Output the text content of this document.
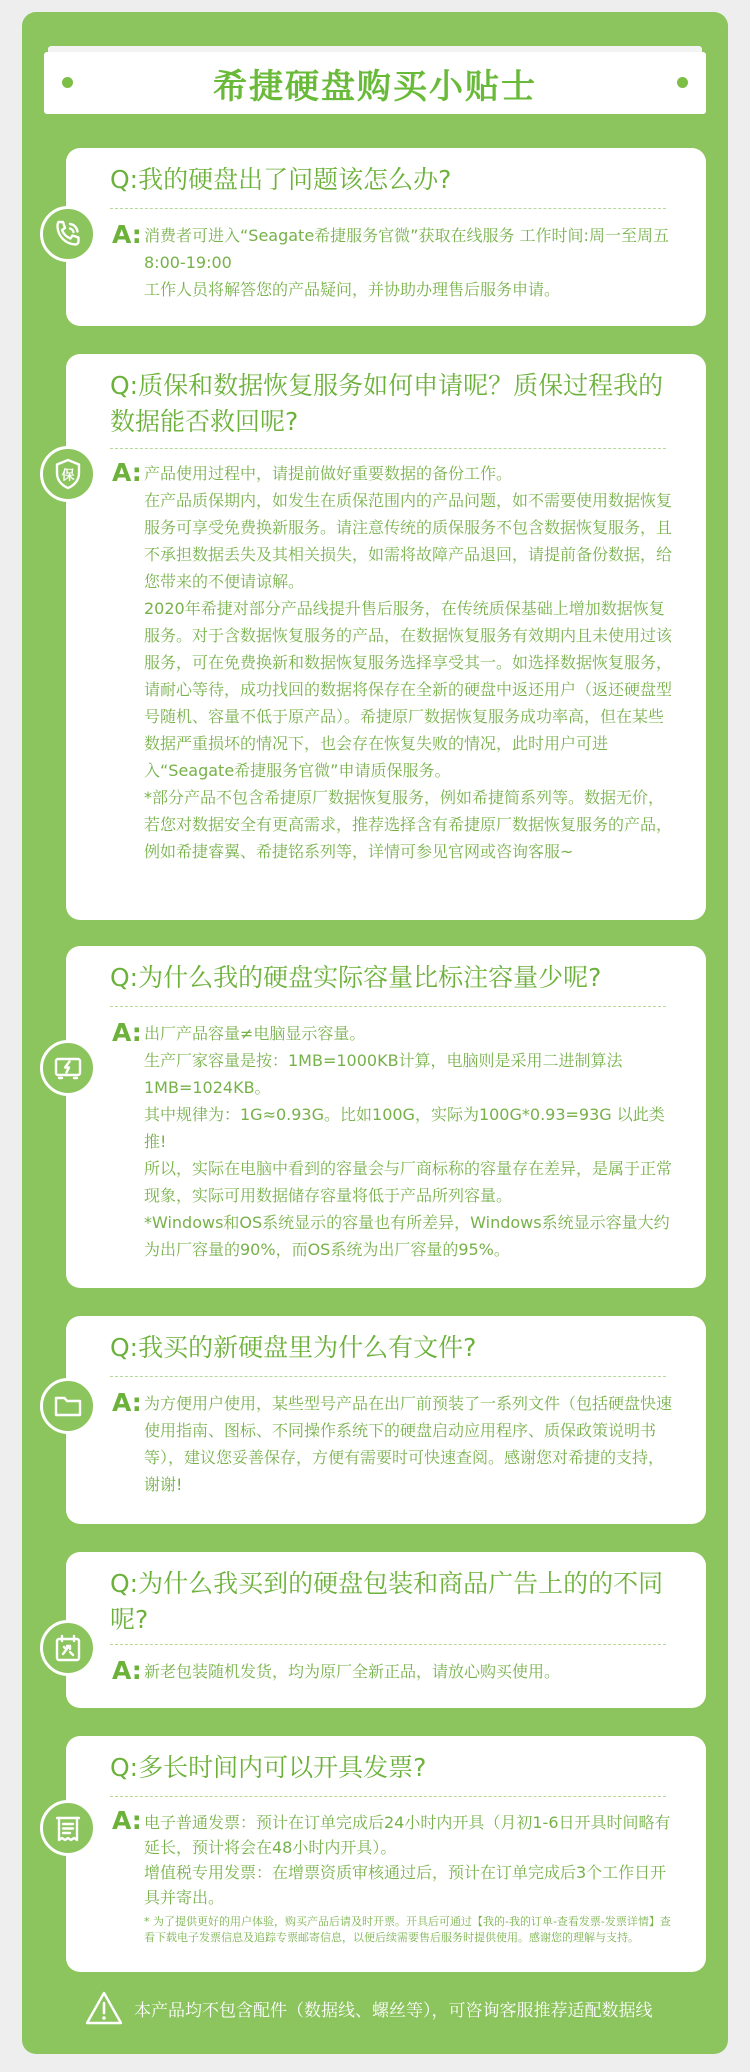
希捷硬盘购买小贴士
Q:我的硬盘出了问题该怎么办?
A: 消费者可进入“Seagate希捷服务官微”获取在线服务 工作时间:周一至周五8:00-19:00

工作人员将解答您的产品疑问，并协助办理售后服务申请。

Q:质保和数据恢复服务如何申请呢？质保过程我的数据能否救回呢?
A: 产品使用过程中，请提前做好重要数据的备份工作。

在产品质保期内，如发生在质保范围内的产品问题，如不需要使用数据恢复服务可享受免费换新服务。请注意传统的质保服务不包含数据恢复服务，且不承担数据丢失及其相关损失，如需将故障产品退回，请提前备份数据，给您带来的不便请谅解。

2020年希捷对部分产品线提升售后服务，在传统质保基础上增加数据恢复服务。对于含数据恢复服务的产品，在数据恢复服务有效期内且未使用过该服务，可在免费换新和数据恢复服务选择享受其一。如选择数据恢复服务，请耐心等待，成功找回的数据将保存在全新的硬盘中返还用户（返还硬盘型号随机、容量不低于原产品）。希捷原厂数据恢复服务成功率高，但在某些数据严重损坏的情况下，也会存在恢复失败的情况，此时用户可进入“Seagate希捷服务官微”申请质保服务。

*部分产品不包含希捷原厂数据恢复服务，例如希捷简系列等。数据无价，若您对数据安全有更高需求，推荐选择含有希捷原厂数据恢复服务的产品，例如希捷睿翼、希捷铭系列等，详情可参见官网或咨询客服~

Q:为什么我的硬盘实际容量比标注容量少呢?
A: 出厂产品容量≠电脑显示容量。

生产厂家容量是按：1MB=1000KB计算，电脑则是采用二进制算法1MB=1024KB。

其中规律为：1G≈0.93G。比如100G，实际为100G*0.93=93G 以此类推!

所以，实际在电脑中看到的容量会与厂商标称的容量存在差异，是属于正常现象，实际可用数据储存容量将低于产品所列容量。

*Windows和OS系统显示的容量也有所差异，Windows系统显示容量大约为出厂容量的90%，而OS系统为出厂容量的95%。

Q:我买的新硬盘里为什么有文件?
A: 为方便用户使用，某些型号产品在出厂前预装了一系列文件（包括硬盘快速使用指南、图标、不同操作系统下的硬盘启动应用程序、质保政策说明书等），建议您妥善保存，方便有需要时可快速查阅。感谢您对希捷的支持，谢谢!

Q:为什么我买到的硬盘包装和商品广告上的的不同呢?
A: 新老包装随机发货，均为原厂全新正品，请放心购买使用。

Q:多长时间内可以开具发票?
A: 电子普通发票：预计在订单完成后24小时内开具（月初1-6日开具时间略有延长，预计将会在48小时内开具）。

增值税专用发票：在增票资质审核通过后，预计在订单完成后3个工作日开具并寄出。

* 为了提供更好的用户体验，购买产品后请及时开票。开具后可通过【我的-我的订单-查看发票-发票详情】查看下载电子发票信息及追踪专票邮寄信息，以便后续需要售后服务时提供使用。感谢您的理解与支持。

保
本产品均不包含配件（数据线、螺丝等），可咨询客服推荐适配数据线
